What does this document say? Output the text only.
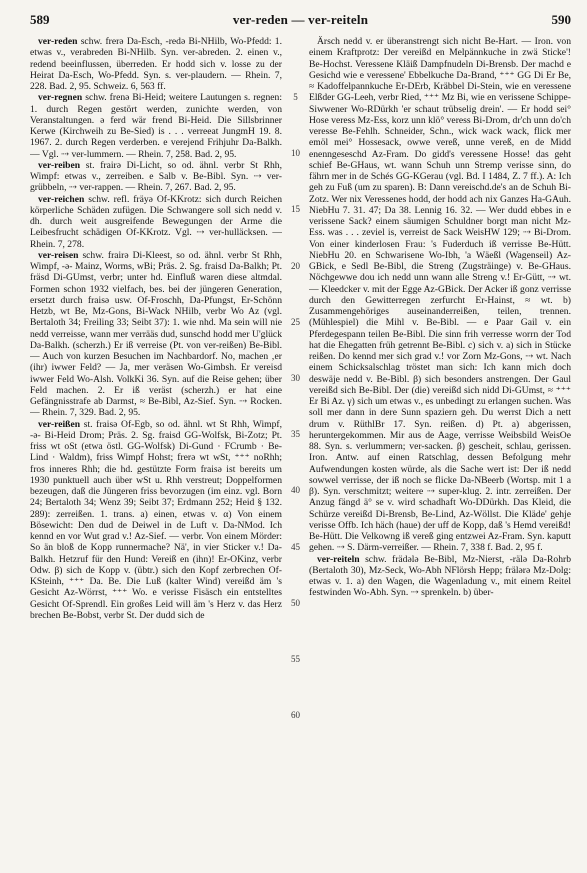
589	ver-reden — ver-reiteln	590

ver-reden schw. frerə Da-Esch, -redə Bi-NHilb, Wo-Pfedd: 1. etwas v., verabreden Bi-NHilb. Syn. ver-abreden. 2. einen v., redend beeinflussen, überreden. Er hodd sich v. losse zu der Heirat Da-Esch, Wo-Pfedd. Syn. s. ver-plaudern. — Rhein. 7, 228. Bad. 2, 95. Schweiz. 6, 563 ff.

ver-regnen schw. frenə Bi-Heid; weitere Lautungen s. regnen: 1. durch Regen gestört werden, zunichte werden, von Veranstaltungen. ə ferd wär frend Bi-Heid. Die Sillsbrinner Kerwe (Kirchweih zu Be-Sied) is . . . verreeat JungmH 19. 8. 1967. 2. durch Regen verderben. e verejend Frihjuhr Da-Balkh. — Vgl. ⇢ ver-lummern. — Rhein. 7, 258. Bad. 2, 95.

ver-reiben st. frairə Di-Licht, so od. ähnl. verbr St Rhh, Wimpf: etwas v., zerreiben. e Salb v. Be-Bibl. Syn. ⇢ ver-grübbeln, ⇢ ver-rappen. — Rhein. 7, 267. Bad. 2, 95.

ver-reichen schw. refl. fräyə Of-KKrotz: sich durch Reichen körperliche Schäden zufügen. Die Schwangere soll sich nedd v. dh. durch weit ausgreifende Bewegungen der Arme die Leibesfrucht schädigen Of-KKrotz. Vgl. ⇢ ver-hulläcksen. — Rhein. 7, 278.

ver-reisen schw. frairə Di-Kleest, so od. ähnl. verbr St Rhh, Wimpf, -ǝ- Mainz, Worms, wBi; Präs. 2. Sg. fraisd Da-Balkh; Pt. fräsd Di-GUmst, verbr; unter hd. Einfluß waren diese altmdal. Formen schon 1932 vielfach, bes. bei der jüngeren Generation, ersetzt durch fraisə usw. Of-Froschh, Da-Pfungst, Er-Schönn Hetzb, wt Be, Mz-Gons, Bi-Wack NHilb, verbr Wo Az (vgl. Bertaloth 34; Freiling 33; Seibt 37): 1. wie nhd. Ma sein will nie nedd verreisse, wann mer verrääs dud, sunschd hodd mer U'glück Da-Balkh. (scherzh.) Er iß verreise (Pt. von ver-reißen) Be-Bibl. — Auch von kurzen Besuchen im Nachbardorf. No, machen ‚er (ihr) iwwer Feld? — Ja, mer veräsen Wo-Gimbsh. Er vereisd iwwer Feld Wo-Alsh. VolkKi 36. Syn. auf die Reise gehen; über Feld machen. 2. Er iß veräst (scherzh.) er hat eine Gefängnisstrafe ab Darmst, ≈ Be-Bibl, Az-Sief. Syn. ⇢ Rocken. — Rhein. 7, 329. Bad. 2, 95.

ver-reißen st. fraisə Of-Egb, so od. ähnl. wt St Rhh, Wimpf, -ǝ- Bi-Heid Drom; Präs. 2. Sg. fraisd GG-Wolfsk, Bi-Zotz; Pt. friss wt oSt (etwa östl. GG-Wolfsk) Di-Gund · FCrumb · Be-Lind · Waldm), friss Wimpf Hohst; frerə wt wSt, ⁺⁺⁺ noRhh; fros inneres Rhh; die hd. gestützte Form fraisə ist bereits um 1930 punktuell auch über wSt u. Rhh verstreut; Doppelformen bezeugen, daß die Jüngeren friss bevorzugen (im einz. vgl. Born 24; Bertaloth 34; Wenz 39; Seibt 37; Erdmann 252; Heid § 132. 289): zerreißen. 1. trans. a) einen, etwas v. α) Von einem Bösewicht: Den dud de Deiwel in de Luft v. Da-NMod. Ich kennd en vor Wut grad v.! Az-Sief. — verbr. Von einem Mörder: So än bloß de Kopp runnermache? Nä', in vier Sticker v.! Da-Balkh. Hetzruf für den Hund: Vereiß en (ihn)! Er-OKinz, verbr Odw. β) sich de Kopp v. (übtr.) sich den Kopf zerbrechen Of-KSteinh, ⁺⁺⁺ Da. Be. Die Luß (kalter Wind) vereißd äm 's Gesicht Az-Wörrst, ⁺⁺⁺ Wo. e verisse Fisäsch ein entstelltes Gesicht Of-Sprendl. Ein großes Leid will äm 's Herz v. das Herz brechen Be-Bobst, verbr St. Der dudd sich de

5
10
15
20
25
30
35
40
45
50
55
60

Ärsch nedd v. er überanstrengt sich nicht Be-Hart. — Iron. von einem Kraftprotz: Der vereißd en Melpännkuche in zwä Sticke'! Be-Hochst. Veressene Kläiß Dampfnudeln Di-Brensb. Der machd e Gesichd wie e veressene' Ebbelkuche Da-Brand, ⁺⁺⁺ GG Di Er Be, ≈ Kadoffelpannkuche Er-DErb, Kräbbel Di-Stein, wie en veressene Elßder GG-Leeh, verbr Ried, ⁺⁺⁺ Mz Bi, wie en verissene Schippe-Siwwener Wo-RDürkh 'er schaut trübselig drein'. — Er hodd sei° Hose veress Mz-Ess, korz unn klö° veress Bi-Drom, dr'ch unn do'ch veresse Be-Fehlh. Schneider, Schn., wick wack wack, flick mer emöl mei° Hossesack, owwe vereß, unne vereß, en de Midd enenngeseschd Az-Fram. Do gidd's veressene Hosse! das geht schief Be-GHaus, wt. wann Schuh unn Stremp verisse sinn, do fährn mer in de Schés GG-KGerau (vgl. Bd. I 1484, Z. 7 ff.). A: Ich geh zu Fuß (um zu sparen). B: Dann vereischd.de's an de Schuh Bi-Zotz. Wer nix Veressenes hodd, der hodd ach nix Ganzes Ha-GAuh. NiebHu 7. 31. 47; Da 38. Lennig 16. 32. — Wer dudd ebbes in e verissene Sack? einem säumigen Schuldner borgt man nicht Mz-Ess. was . . . zeviel is, verreist de Sack WeisHW 129; ⇢ Bi-Drom. Von einer kinderlosen Frau: 's Fuderduch iß verrisse Be-Hütt. NiebHu 20. en Schwarisene Wo-Ibh, 'a Wäeßl (Wagenseil) Az-GBick, e Sedl Be-Bibl, die Streng (Zugsträinge) v. Be-GHaus. Nöchgewwe dou ich nedd unn wann alle Streng v.! Er-Gütt, ⇢ wt. — Kleedcker v. mit der Egge Az-GBick. Der Acker iß gonz verrisse durch den Gewitterregen zerfurcht Er-Hainst, ≈ wt. b) Zusammengehöriges auseinanderreißen, teilen, trennen. (Mühlespiel) die Mihl v. Be-Bibl. — e Paar Gail v. ein Pferdegespann teilen Be-Bibl. Die sinn frih verresse worrn der Tod hat die Ehegatten früh getrennt Be-Bibl. c) sich v. a) sich in Stücke reißen. Do kennd mer sich grad v.! vor Zorn Mz-Gons, ⇢ wt. Nach einem Schicksalschlag tröstet man sich: Ich kann mich doch deswäje nedd v. Be-Bibl. β) sich besonders anstrengen. Der Gaul vereißd sich Be-Bibl. Der (die) vereißd sich nidd Di-GUmst, ≈ ⁺⁺⁺ Er Bi Az. γ) sich um etwas v., es unbedingt zu erlangen suchen. Was soll mer dann in dere Sunn spaziern geh. Du werrst Dich a nett drum v. RüthlBr 17. Syn. reißen. d) Pt. a) abgerissen, heruntergekommen. Mir aus de Aage, verrisse Weibsbild WeisOe 88. Syn. s. verlummern; ver-sacken. β) gescheit, schlau, gerissen. Iron. Antw. auf einen Ratschlag, dessen Befolgung mehr Aufwendungen kosten würde, als die Sache wert ist: Der iß nedd sowwel verrisse, der iß noch se flicke Da-NBeerb (Wortsp. mit 1 a β). Syn. verschmitzt; weitere ⇢ super-klug. 2. intr. zerreißen. Der Anzug fängd ä° se v. wird schadhaft Wo-DDürkh. Das Kleid, die Schürze vereißd Di-Brensb, Be-Lind, Az-Wöllst. Die Kläde' gehje verisse Offb. Ich häch (haue) der uff de Kopp, daß 's Hemd vereißd! Be-Hütt. Die Velkowng iß vereß ging entzwei Az-Fram. Syn. kaputt gehen. ⇢ S. Därm-verreißer. — Rhein. 7, 338 f. Bad. 2, 95 f.

ver-reiteln schw. frädələ Be-Bibl, Mz-Nierst, -rälə Da-Rohrb (Bertaloth 30), Mz-Seck, Wo-Abh NFlörsh Hepp; frälərə Mz-Dolg: etwas v. 1. a) den Wagen, die Wagenladung v., mit einem Reitel festwinden Wo-Abh. Syn. ⇢ sprenkeln. b) über-
